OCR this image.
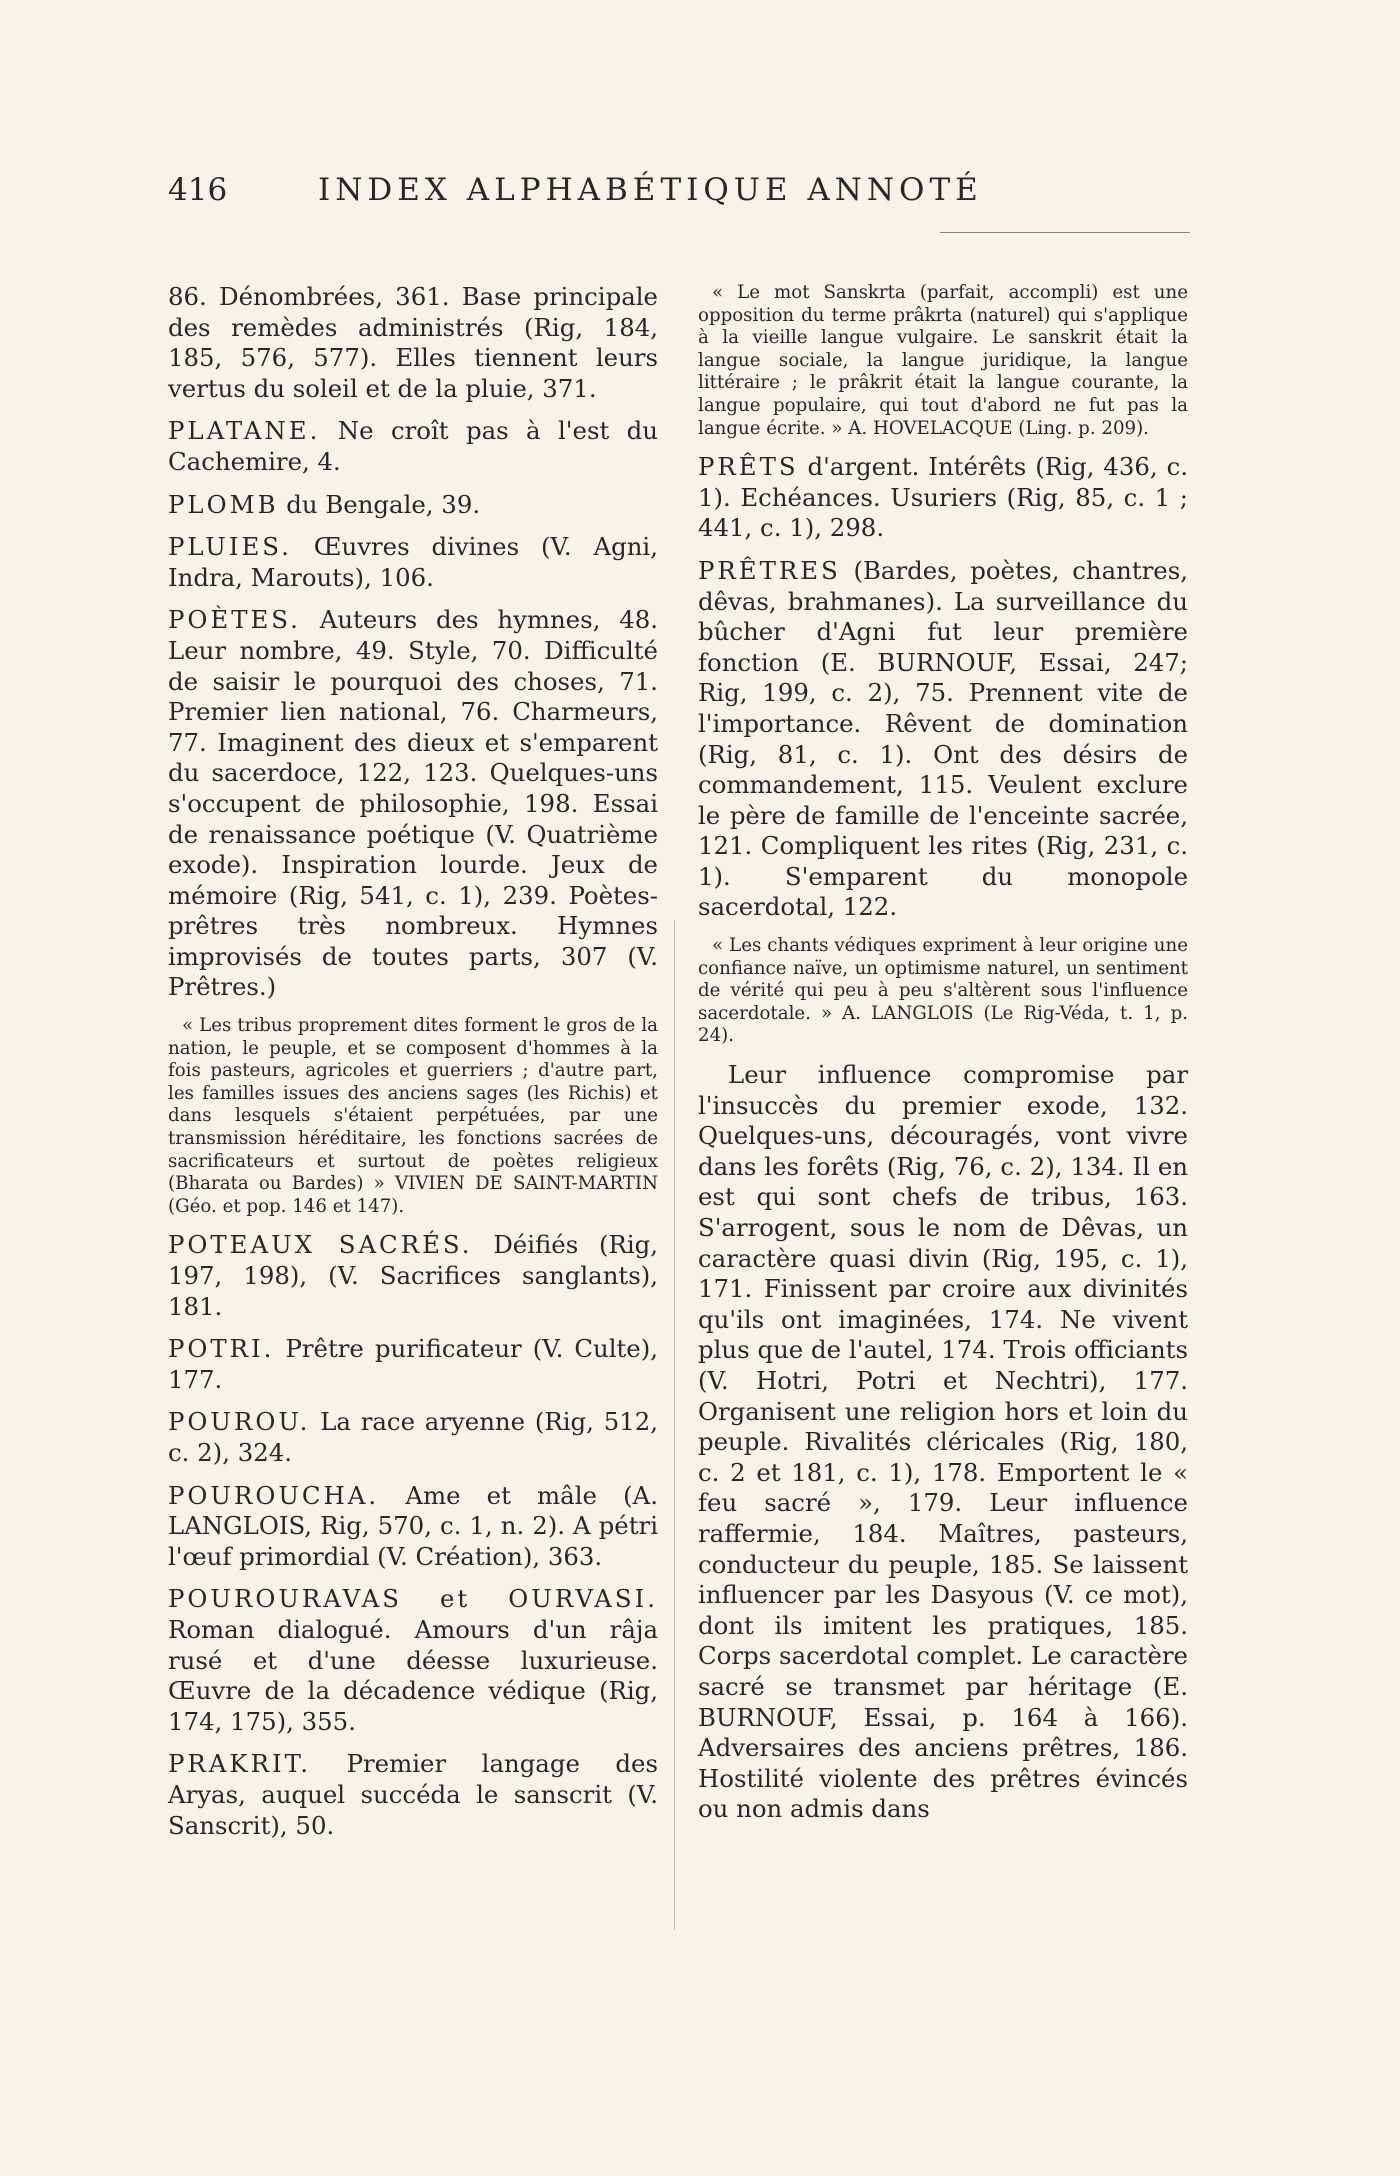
416	INDEX ALPHABÉTIQUE ANNOTÉ

86. Dénombrées, 361. Base principale des remèdes administrés (Rig, 184, 185, 576, 577). Elles tiennent leurs vertus du soleil et de la pluie, 371.

PLATANE. Ne croît pas à l'est du Cachemire, 4.

PLOMB du Bengale, 39.

PLUIES. Œuvres divines (V. Agni, Indra, Marouts), 106.

POÈTES. Auteurs des hymnes, 48. Leur nombre, 49. Style, 70. Difficulté de saisir le pourquoi des choses, 71. Premier lien national, 76. Charmeurs, 77. Imaginent des dieux et s'emparent du sacerdoce, 122, 123. Quelques-uns s'occupent de philosophie, 198. Essai de renaissance poétique (V. Quatrième exode). Inspiration lourde. Jeux de mémoire (Rig, 541, c. 1), 239. Poètes-prêtres très nombreux. Hymnes improvisés de toutes parts, 307 (V. Prêtres.)

« Les tribus proprement dites forment le gros de la nation, le peuple, et se composent d'hommes à la fois pasteurs, agricoles et guerriers ; d'autre part, les familles issues des anciens sages (les Richis) et dans lesquels s'étaient perpétuées, par une transmission héréditaire, les fonctions sacrées de sacrificateurs et surtout de poètes religieux (Bharata ou Bardes) » VIVIEN DE SAINT-MARTIN (Géo. et pop. 146 et 147).

POTEAUX SACRÉS. Déifiés (Rig, 197, 198), (V. Sacrifices sanglants), 181.

POTRI. Prêtre purificateur (V. Culte), 177.

POUROU. La race aryenne (Rig, 512, c. 2), 324.

POUROUCHA. Ame et mâle (A. LANGLOIS, Rig, 570, c. 1, n. 2). A pétri l'œuf primordial (V. Création), 363.

POUROURAVAS et OURVASI. Roman dialogué. Amours d'un râja rusé et d'une déesse luxurieuse. Œuvre de la décadence védique (Rig, 174, 175), 355.

PRAKRIT. Premier langage des Aryas, auquel succéda le sanscrit (V. Sanscrit), 50.

« Le mot Sanskrta (parfait, accompli) est une opposition du terme prâkrta (naturel) qui s'applique à la vieille langue vulgaire. Le sanskrit était la langue sociale, la langue juridique, la langue littéraire ; le prâkrit était la langue courante, la langue populaire, qui tout d'abord ne fut pas la langue écrite. » A. HOVELACQUE (Ling. p. 209).

PRÊTS d'argent. Intérêts (Rig, 436, c. 1). Echéances. Usuriers (Rig, 85, c. 1 ; 441, c. 1), 298.

PRÊTRES (Bardes, poètes, chantres, dêvas, brahmanes). La surveillance du bûcher d'Agni fut leur première fonction (E. BURNOUF, Essai, 247; Rig, 199, c. 2), 75. Prennent vite de l'importance. Rêvent de domination (Rig, 81, c. 1). Ont des désirs de commandement, 115. Veulent exclure le père de famille de l'enceinte sacrée, 121. Compliquent les rites (Rig, 231, c. 1). S'emparent du monopole sacerdotal, 122.

« Les chants védiques expriment à leur origine une confiance naïve, un optimisme naturel, un sentiment de vérité qui peu à peu s'altèrent sous l'influence sacerdotale. » A. LANGLOIS (Le Rig-Véda, t. 1, p. 24).

Leur influence compromise par l'insuccès du premier exode, 132. Quelques-uns, découragés, vont vivre dans les forêts (Rig, 76, c. 2), 134. Il en est qui sont chefs de tribus, 163. S'arrogent, sous le nom de Dêvas, un caractère quasi divin (Rig, 195, c. 1), 171. Finissent par croire aux divinités qu'ils ont imaginées, 174. Ne vivent plus que de l'autel, 174. Trois officiants (V. Hotri, Potri et Nechtri), 177. Organisent une religion hors et loin du peuple. Rivalités cléricales (Rig, 180, c. 2 et 181, c. 1), 178. Emportent le « feu sacré », 179. Leur influence raffermie, 184. Maîtres, pasteurs, conducteur du peuple, 185. Se laissent influencer par les Dasyous (V. ce mot), dont ils imitent les pratiques, 185. Corps sacerdotal complet. Le caractère sacré se transmet par héritage (E. BURNOUF, Essai, p. 164 à 166). Adversaires des anciens prêtres, 186. Hostilité violente des prêtres évincés ou non admis dans
